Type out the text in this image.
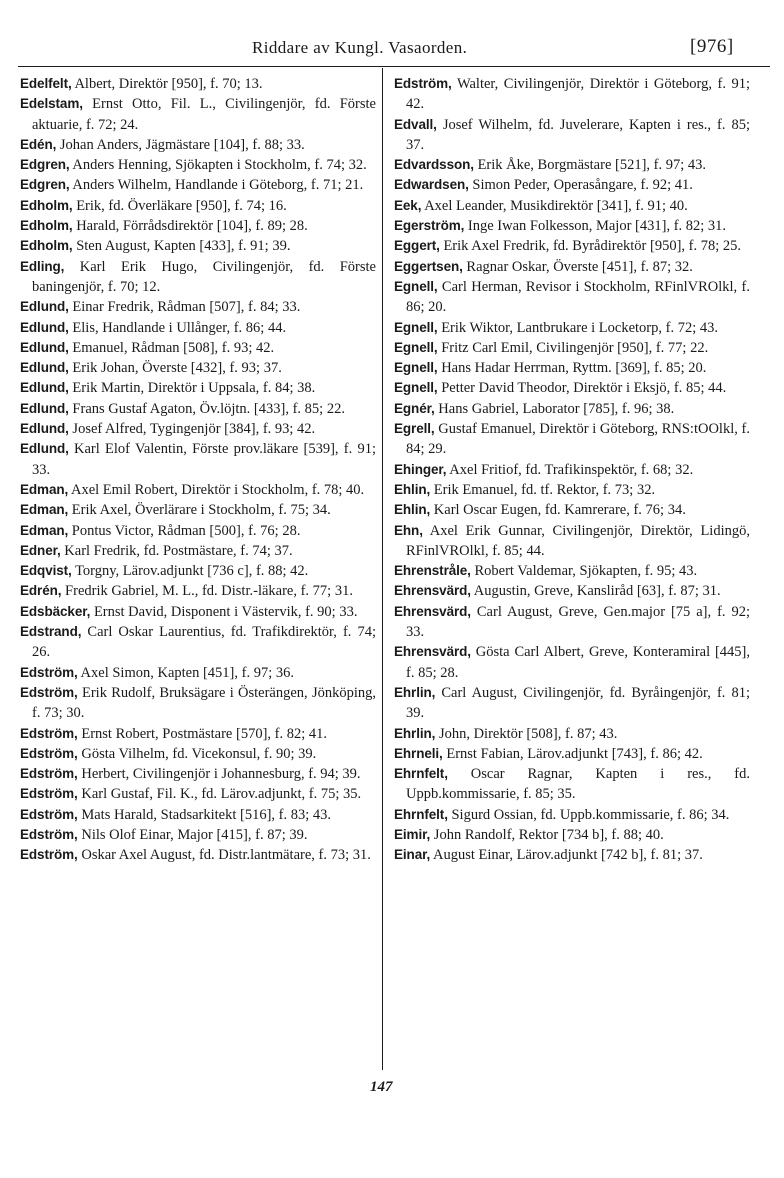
Riddare av Kungl. Vasaorden.	[976]

Edelfelt, Albert, Direktör [950], f. 70; 13.

Edelstam, Ernst Otto, Fil. L., Civilingenjör, fd. Förste aktuarie, f. 72; 24.

Edén, Johan Anders, Jägmästare [104], f. 88; 33.

Edgren, Anders Henning, Sjökapten i Stockholm, f. 74; 32.

Edgren, Anders Wilhelm, Handlande i Göteborg, f. 71; 21.

Edholm, Erik, fd. Överläkare [950], f. 74; 16.

Edholm, Harald, Förrådsdirektör [104], f. 89; 28.

Edholm, Sten August, Kapten [433], f. 91; 39.

Edling, Karl Erik Hugo, Civilingenjör, fd. Förste baningenjör, f. 70; 12.

Edlund, Einar Fredrik, Rådman [507], f. 84; 33.

Edlund, Elis, Handlande i Ullånger, f. 86; 44.

Edlund, Emanuel, Rådman [508], f. 93; 42.

Edlund, Erik Johan, Överste [432], f. 93; 37.

Edlund, Erik Martin, Direktör i Uppsala, f. 84; 38.

Edlund, Frans Gustaf Agaton, Öv.löjtn. [433], f. 85; 22.

Edlund, Josef Alfred, Tygingenjör [384], f. 93; 42.

Edlund, Karl Elof Valentin, Förste prov.läkare [539], f. 91; 33.

Edman, Axel Emil Robert, Direktör i Stockholm, f. 78; 40.

Edman, Erik Axel, Överlärare i Stockholm, f. 75; 34.

Edman, Pontus Victor, Rådman [500], f. 76; 28.

Edner, Karl Fredrik, fd. Postmästare, f. 74; 37.

Edqvist, Torgny, Lärov.adjunkt [736 c], f. 88; 42.

Edrén, Fredrik Gabriel, M. L., fd. Distr.-läkare, f. 77; 31.

Edsbäcker, Ernst David, Disponent i Västervik, f. 90; 33.

Edstrand, Carl Oskar Laurentius, fd. Trafikdirektör, f. 74; 26.

Edström, Axel Simon, Kapten [451], f. 97; 36.

Edström, Erik Rudolf, Bruksägare i Österängen, Jönköping, f. 73; 30.

Edström, Ernst Robert, Postmästare [570], f. 82; 41.

Edström, Gösta Vilhelm, fd. Vicekonsul, f. 90; 39.

Edström, Herbert, Civilingenjör i Johannesburg, f. 94; 39.

Edström, Karl Gustaf, Fil. K., fd. Lärov.adjunkt, f. 75; 35.

Edström, Mats Harald, Stadsarkitekt [516], f. 83; 43.

Edström, Nils Olof Einar, Major [415], f. 87; 39.

Edström, Oskar Axel August, fd. Distr.lantmätare, f. 73; 31.

Edström, Walter, Civilingenjör, Direktör i Göteborg, f. 91; 42.

Edvall, Josef Wilhelm, fd. Juvelerare, Kapten i res., f. 85; 37.

Edvardsson, Erik Åke, Borgmästare [521], f. 97; 43.

Edwardsen, Simon Peder, Operasångare, f. 92; 41.

Eek, Axel Leander, Musikdirektör [341], f. 91; 40.

Egerström, Inge Iwan Folkesson, Major [431], f. 82; 31.

Eggert, Erik Axel Fredrik, fd. Byrådirektör [950], f. 78; 25.

Eggertsen, Ragnar Oskar, Överste [451], f. 87; 32.

Egnell, Carl Herman, Revisor i Stockholm, RFinlVROlkl, f. 86; 20.

Egnell, Erik Wiktor, Lantbrukare i Locketorp, f. 72; 43.

Egnell, Fritz Carl Emil, Civilingenjör [950], f. 77; 22.

Egnell, Hans Hadar Herrman, Ryttm. [369], f. 85; 20.

Egnell, Petter David Theodor, Direktör i Eksjö, f. 85; 44.

Egnér, Hans Gabriel, Laborator [785], f. 96; 38.

Egrell, Gustaf Emanuel, Direktör i Göteborg, RNS:tOOlkl, f. 84; 29.

Ehinger, Axel Fritiof, fd. Trafikinspektör, f. 68; 32.

Ehlin, Erik Emanuel, fd. tf. Rektor, f. 73; 32.

Ehlin, Karl Oscar Eugen, fd. Kamrerare, f. 76; 34.

Ehn, Axel Erik Gunnar, Civilingenjör, Direktör, Lidingö, RFinlVROlkl, f. 85; 44.

Ehrenstråle, Robert Valdemar, Sjökapten, f. 95; 43.

Ehrensvärd, Augustin, Greve, Kansliråd [63], f. 87; 31.

Ehrensvärd, Carl August, Greve, Gen.major [75 a], f. 92; 33.

Ehrensvärd, Gösta Carl Albert, Greve, Konteramiral [445], f. 85; 28.

Ehrlin, Carl August, Civilingenjör, fd. Byråingenjör, f. 81; 39.

Ehrlin, John, Direktör [508], f. 87; 43.

Ehrneli, Ernst Fabian, Lärov.adjunkt [743], f. 86; 42.

Ehrnfelt, Oscar Ragnar, Kapten i res., fd. Uppb.kommissarie, f. 85; 35.

Ehrnfelt, Sigurd Ossian, fd. Uppb.kommissarie, f. 86; 34.

Eimir, John Randolf, Rektor [734 b], f. 88; 40.

Einar, August Einar, Lärov.adjunkt [742 b], f. 81; 37.

147
